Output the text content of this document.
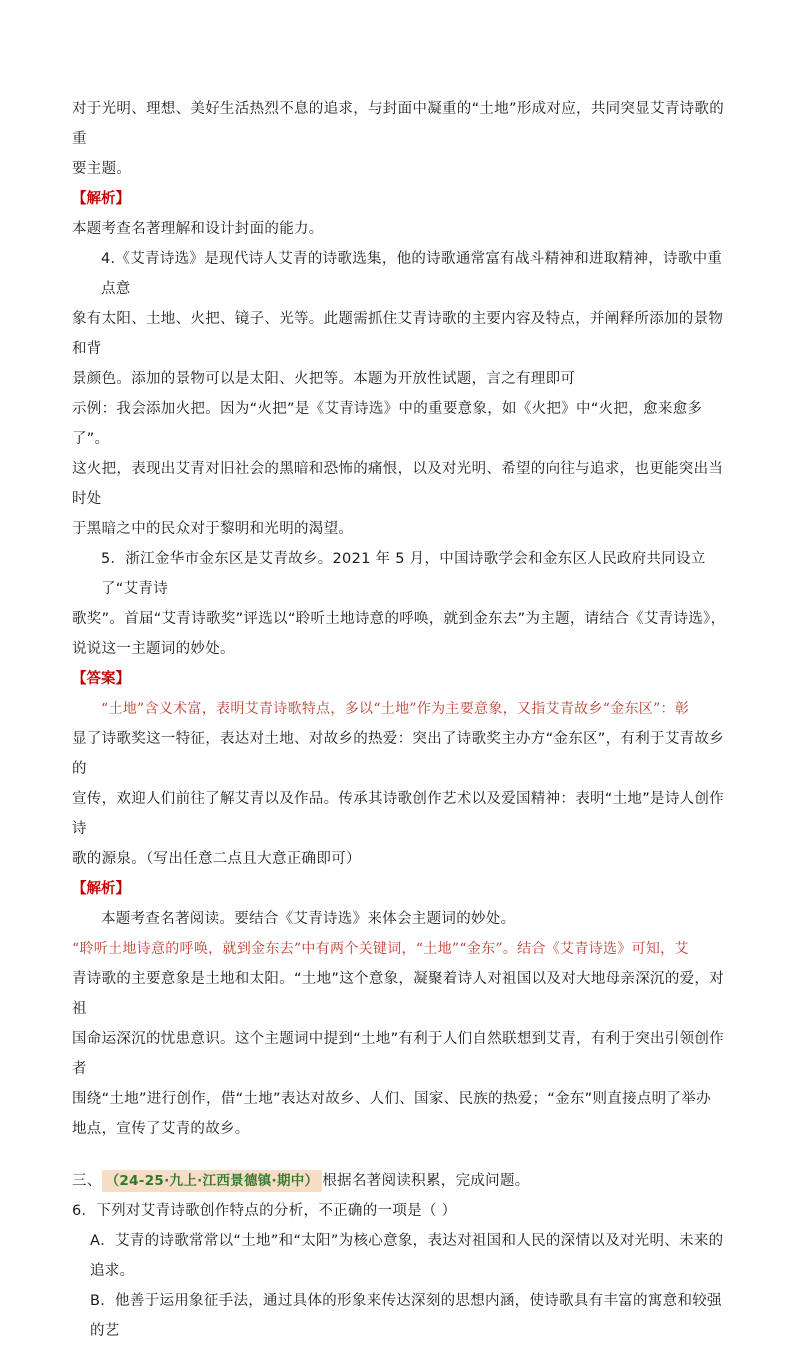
对于光明、理想、美好生活热烈不息的追求，与封面中凝重的“土地”形成对应，共同突显艾青诗歌的重
要主题。

【解析】

本题考查名著理解和设计封面的能力。

4.《艾青诗选》是现代诗人艾青的诗歌选集，他的诗歌通常富有战斗精神和进取精神，诗歌中重点意

象有太阳、土地、火把、镜子、光等。此题需抓住艾青诗歌的主要内容及特点，并阐释所添加的景物和背
景颜色。添加的景物可以是太阳、火把等。本题为开放性试题，言之有理即可
示例：我会添加火把。因为“火把”是《艾青诗选》中的重要意象，如《火把》中“火把，愈来愈多了”。
这火把，表现出艾青对旧社会的黑暗和恐怖的痛恨，以及对光明、希望的向往与追求，也更能突出当时处
于黑暗之中的民众对于黎明和光明的渴望。

5．浙江金华市金东区是艾青故乡。2021 年 5 月，中国诗歌学会和金东区人民政府共同设立了“艾青诗

歌奖”。首届“艾青诗歌奖”评选以“聆听土地诗意的呼唤，就到金东去”为主题，请结合《艾青诗选》，
说说这一主题词的妙处。

【答案】

“土地”含义术富，表明艾青诗歌特点，多以“土地”作为主要意象，又指艾青故乡“金东区”：彰
显了诗歌奖这一特征，表达对土地、对故乡的热爱：突出了诗歌奖主办方“金东区”，有利于艾青故乡的
宣传，欢迎人们前往了解艾青以及作品。传承其诗歌创作艺术以及爱国精神：表明“土地”是诗人创作诗
歌的源泉。（写出任意二点且大意正确即可）

【解析】

本题考查名著阅读。要结合《艾青诗选》来体会主题词的妙处。
“聆听土地诗意的呼唤，就到金东去”中有两个关键词，“土地”“金东”。结合《艾青诗选》可知，艾
青诗歌的主要意象是土地和太阳。“土地”这个意象，凝聚着诗人对祖国以及对大地母亲深沉的爱，对祖
国命运深沉的忧患意识。这个主题词中提到“土地”有利于人们自然联想到艾青，有利于突出引领创作者
围绕“土地”进行创作，借“土地”表达对故乡、人们、国家、民族的热爱；“金东”则直接点明了举办
地点，宣传了艾青的故乡。

三、 （24-25·九上·江西景德镇·期中） 根据名著阅读积累，完成问题。

6．下列对艾青诗歌创作特点的分析，不正确的一项是（ ）

A．艾青的诗歌常常以“土地”和“太阳”为核心意象，表达对祖国和人民的深情以及对光明、未来的追求。

B．他善于运用象征手法，通过具体的形象来传达深刻的思想内涵，使诗歌具有丰富的寓意和较强的艺
